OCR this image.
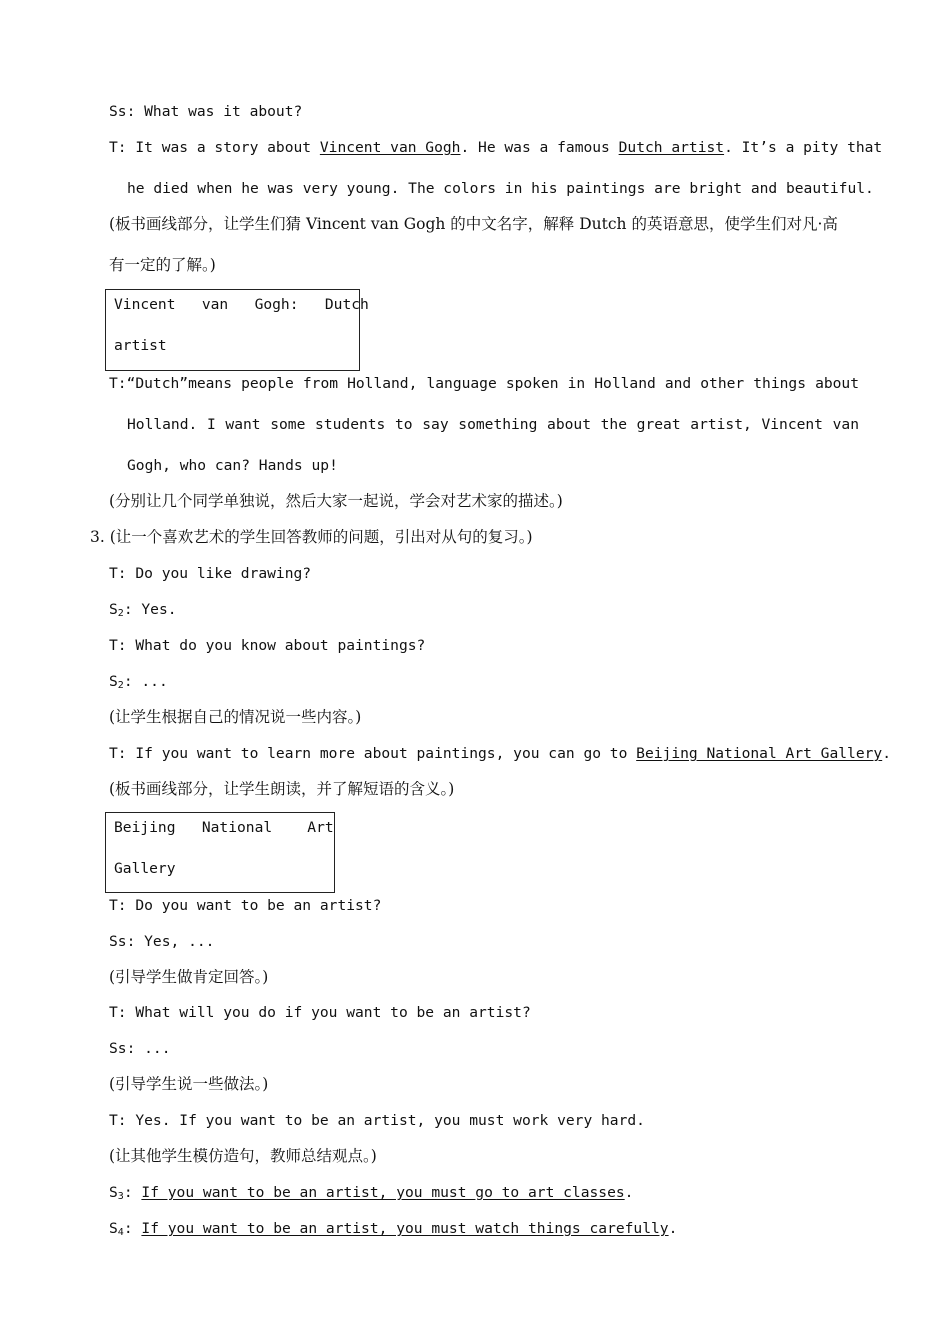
Ss: What was it about?
T: It was a story about Vincent van Gogh. He was a famous Dutch artist. It’s a pity that
he died when he was very young. The colors in his paintings are bright and beautiful.
(板书画线部分，让学生们猜 Vincent van Gogh 的中文名字，解释 Dutch 的英语意思，使学生们对凡·高
有一定的了解。)
Vincent   van   Gogh:   Dutch
artist
T:“Dutch”means people from Holland, language spoken in Holland and other things about
Holland. I want some students to say something about the great artist, Vincent van
Gogh, who can? Hands up!
(分别让几个同学单独说，然后大家一起说，学会对艺术家的描述。)
3. (让一个喜欢艺术的学生回答教师的问题，引出对从句的复习。)
T: Do you like drawing?
$S_2$: Yes.
T: What do you know about paintings?
$S_2$: ...
(让学生根据自己的情况说一些内容。)
T: If you want to learn more about paintings, you can go to Beijing National Art Gallery.
(板书画线部分，让学生朗读，并了解短语的含义。)
Beijing   National    Art
Gallery
T: Do you want to be an artist?
Ss: Yes, ...
(引导学生做肯定回答。)
T: What will you do if you want to be an artist?
Ss: ...
(引导学生说一些做法。)
T: Yes. If you want to be an artist, you must work very hard.
(让其他学生模仿造句，教师总结观点。)
$S_3$: If you want to be an artist, you must go to art classes.
$S_4$: If you want to be an artist, you must watch things carefully.
